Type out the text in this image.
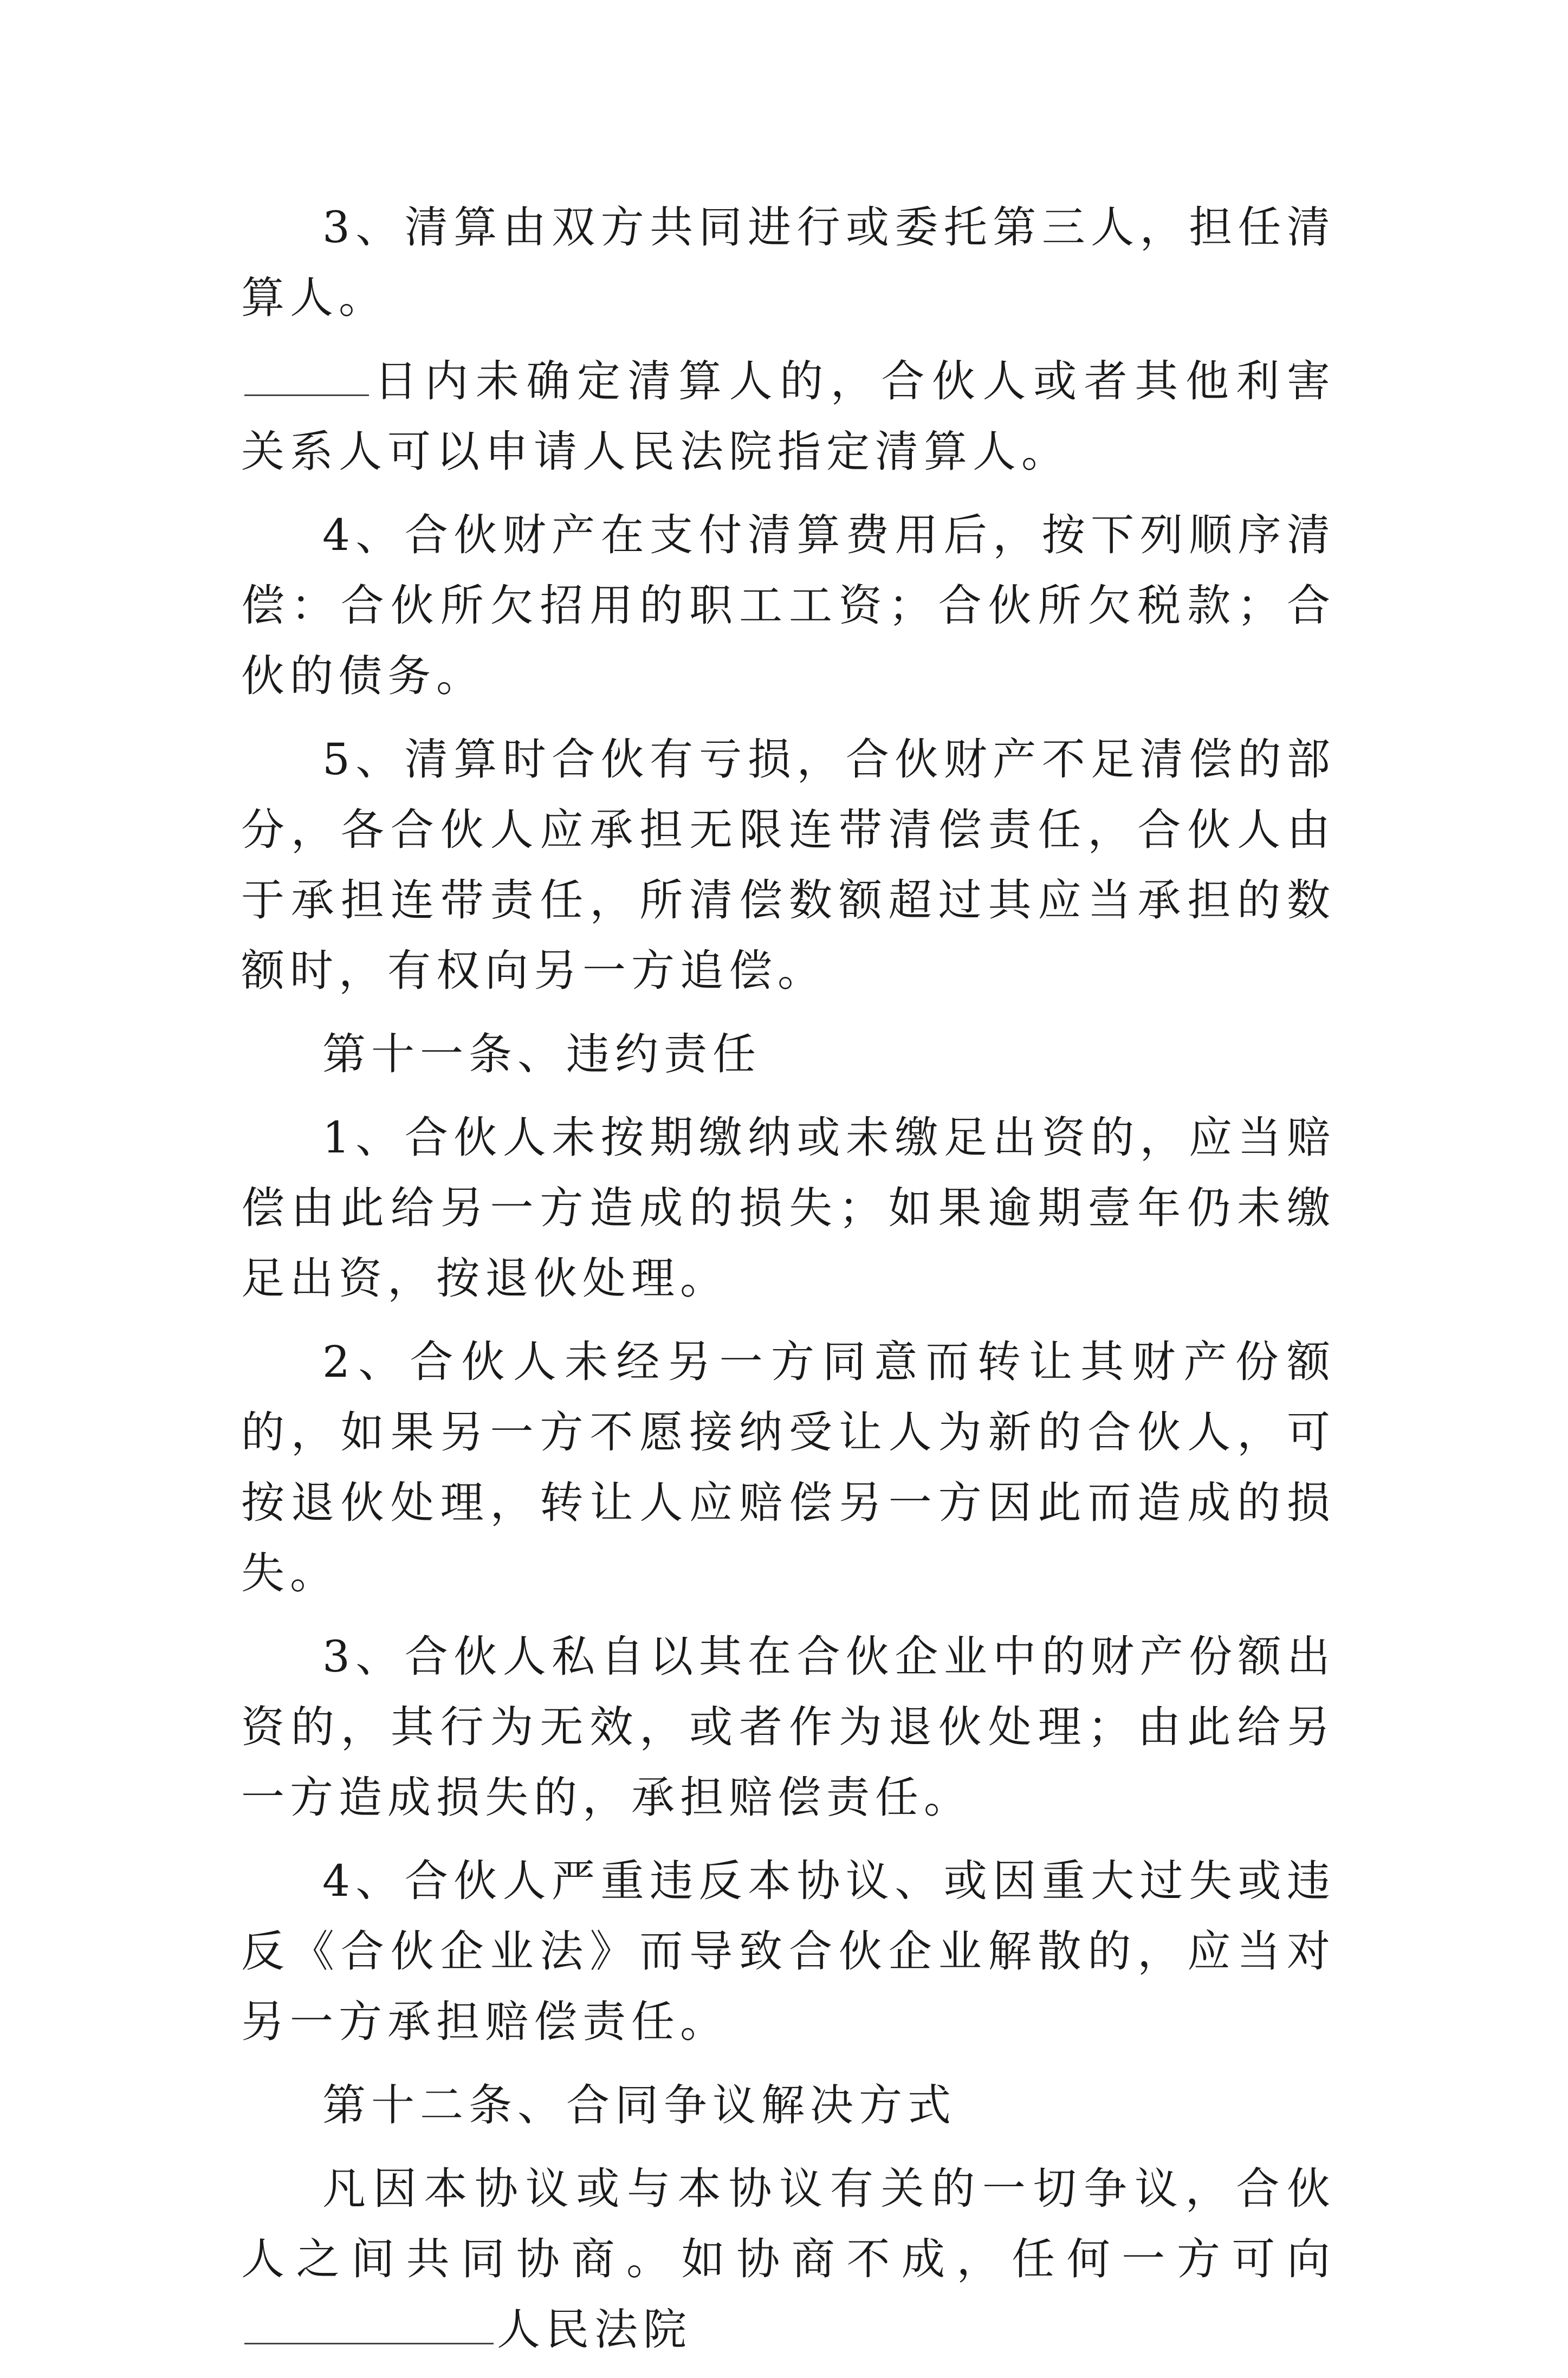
3、清算由双方共同进行或委托第三人，担任清算人。

日内未确定清算人的，合伙人或者其他利害关系人可以申请人民法院指定清算人。

4、合伙财产在支付清算费用后，按下列顺序清偿：合伙所欠招用的职工工资；合伙所欠税款；合伙的债务。

5、清算时合伙有亏损，合伙财产不足清偿的部分，各合伙人应承担无限连带清偿责任，合伙人由于承担连带责任，所清偿数额超过其应当承担的数额时，有权向另一方追偿。

第十一条、违约责任

1、合伙人未按期缴纳或未缴足出资的，应当赔偿由此给另一方造成的损失；如果逾期壹年仍未缴足出资，按退伙处理。

2、合伙人未经另一方同意而转让其财产份额的，如果另一方不愿接纳受让人为新的合伙人，可按退伙处理，转让人应赔偿另一方因此而造成的损失。

3、合伙人私自以其在合伙企业中的财产份额出资的，其行为无效，或者作为退伙处理；由此给另一方造成损失的，承担赔偿责任。

4、合伙人严重违反本协议、或因重大过失或违反《合伙企业法》而导致合伙企业解散的，应当对另一方承担赔偿责任。

第十二条、合同争议解决方式

凡因本协议或与本协议有关的一切争议，合伙人之间共同协商。如协商不成，任何一方可向人民法院
